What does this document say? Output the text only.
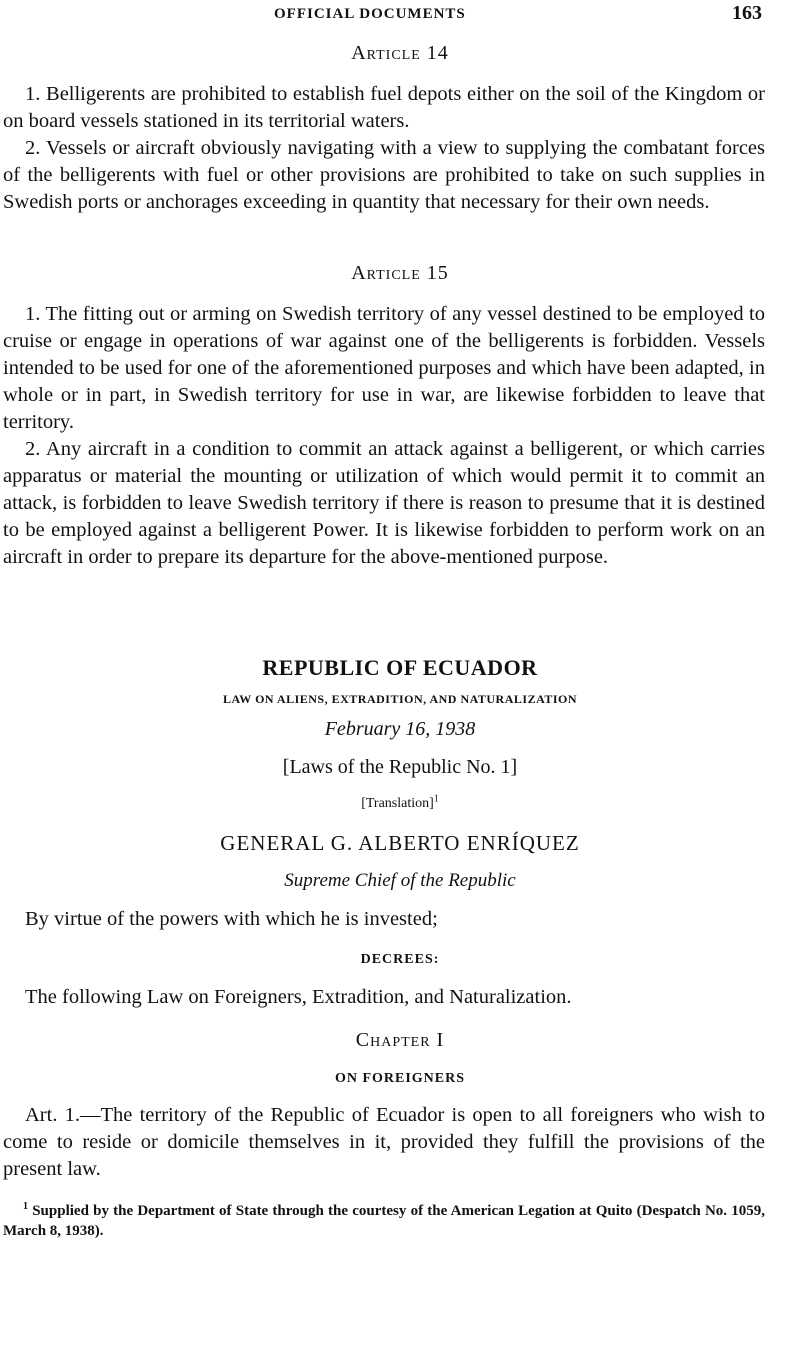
OFFICIAL DOCUMENTS	163
Article 14

1. Belligerents are prohibited to establish fuel depots either on the soil of the Kingdom or on board vessels stationed in its territorial waters.

2. Vessels or aircraft obviously navigating with a view to supplying the combatant forces of the belligerents with fuel or other provisions are prohibited to take on such supplies in Swedish ports or anchorages exceeding in quantity that necessary for their own needs.

Article 15

1. The fitting out or arming on Swedish territory of any vessel destined to be employed to cruise or engage in operations of war against one of the belligerents is forbidden. Vessels intended to be used for one of the aforementioned purposes and which have been adapted, in whole or in part, in Swedish territory for use in war, are likewise forbidden to leave that territory.

2. Any aircraft in a condition to commit an attack against a belligerent, or which carries apparatus or material the mounting or utilization of which would permit it to commit an attack, is forbidden to leave Swedish territory if there is reason to presume that it is destined to be employed against a belligerent Power. It is likewise forbidden to perform work on an aircraft in order to prepare its departure for the above-mentioned purpose.

REPUBLIC OF ECUADOR
LAW ON ALIENS, EXTRADITION, AND NATURALIZATION
February 16, 1938
[Laws of the Republic No. 1]
[Translation]$^1$
GENERAL G. ALBERTO ENRÍQUEZ
Supreme Chief of the Republic

By virtue of the powers with which he is invested;

DECREES:

The following Law on Foreigners, Extradition, and Naturalization.

Chapter I
ON FOREIGNERS

Art. 1.—The territory of the Republic of Ecuador is open to all foreigners who wish to come to reside or domicile themselves in it, provided they fulfill the provisions of the present law.

$^1$ Supplied by the Department of State through the courtesy of the American Legation at Quito (Despatch No. 1059, March 8, 1938).
